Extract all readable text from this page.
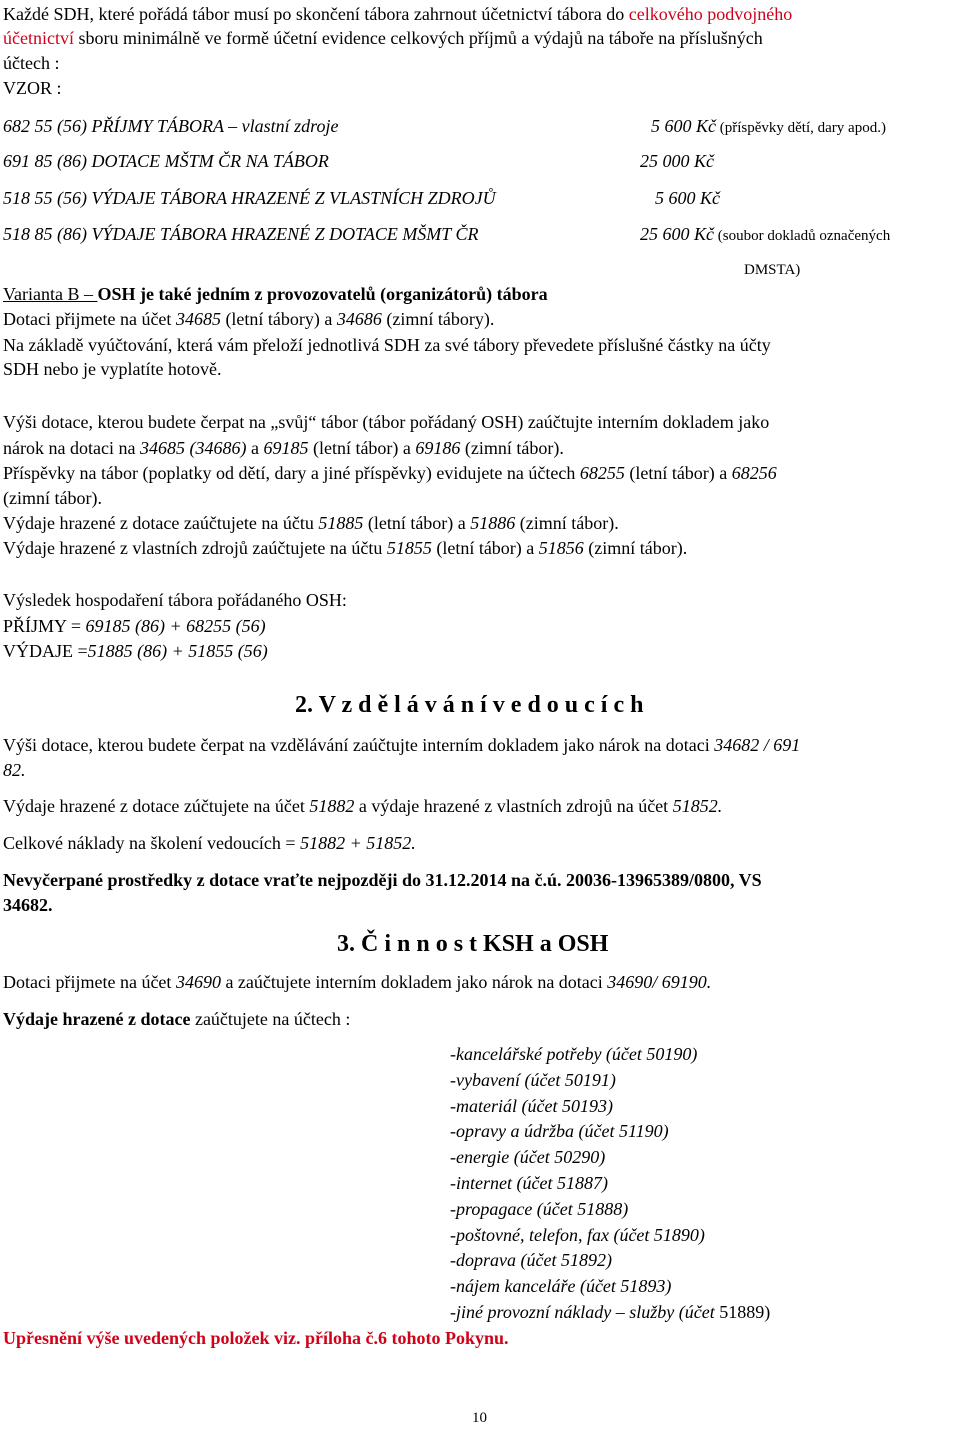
Každé SDH, které pořádá tábor musí po skončení tábora zahrnout účetnictví tábora do celkového podvojného
účetnictví sboru minimálně ve formě účetní evidence celkových příjmů a výdajů na táboře na příslušných
účtech :
VZOR :
682 55 (56) PŘÍJMY TÁBORA – vlastní zdroje	5 600 Kč (příspěvky dětí, dary apod.)
691 85 (86) DOTACE MŠTM ČR NA TÁBOR	25 000 Kč
518 55 (56) VÝDAJE TÁBORA HRAZENÉ Z VLASTNÍCH ZDROJŮ	5 600 Kč
518 85 (86) VÝDAJE TÁBORA HRAZENÉ Z DOTACE MŠMT ČR	25 600 Kč (soubor dokladů označených
DMSTA)
Varianta B – OSH je také jedním z provozovatelů (organizátorů) tábora
Dotaci přijmete na účet 34685 (letní tábory) a 34686 (zimní tábory).
Na základě vyúčtování, která vám přeloží jednotlivá SDH za své tábory převedete příslušné částky na účty
SDH nebo je vyplatíte hotově.
Výši dotace, kterou budete čerpat na „svůj“ tábor (tábor pořádaný OSH) zaúčtujte interním dokladem jako
nárok na dotaci na 34685 (34686) a 69185 (letní tábor) a 69186 (zimní tábor).
Příspěvky na tábor (poplatky od dětí, dary a jiné příspěvky) evidujete na účtech 68255 (letní tábor) a 68256
(zimní tábor).
Výdaje hrazené z dotace zaúčtujete na účtu 51885 (letní tábor) a 51886 (zimní tábor).
Výdaje hrazené z vlastních zdrojů zaúčtujete na účtu 51855 (letní tábor) a 51856 (zimní tábor).
Výsledek hospodaření tábora pořádaného OSH:
PŘÍJMY = 69185 (86) + 68255 (56)
VÝDAJE =51885 (86) + 51855 (56)
2. V z d ě l á v á n í v e d o u c í c h
Výši dotace, kterou budete čerpat na vzdělávání zaúčtujte interním dokladem jako nárok na dotaci 34682 / 691
82.
Výdaje hrazené z dotace zúčtujete na účet 51882 a výdaje hrazené z vlastních zdrojů na účet 51852.
Celkové náklady na školení vedoucích = 51882 + 51852.
Nevyčerpané prostředky z dotace vraťte nejpozději do 31.12.2014 na č.ú. 20036-13965389/0800, VS
34682.
3. Č i n n o s t KSH a OSH
Dotaci přijmete na účet 34690 a zaúčtujete interním dokladem jako nárok na dotaci 34690/ 69190.
Výdaje hrazené z dotace zaúčtujete na účtech :
-kancelářské potřeby (účet 50190)
-vybavení (účet 50191)
-materiál (účet 50193)
-opravy a údržba (účet 51190)
-energie (účet 50290)
-internet (účet 51887)
-propagace (účet 51888)
-poštovné, telefon, fax (účet 51890)
-doprava (účet 51892)
-nájem kanceláře (účet 51893)
-jiné provozní náklady – služby (účet 51889)
Upřesnění výše uvedených položek viz. příloha č.6 tohoto Pokynu.
10
